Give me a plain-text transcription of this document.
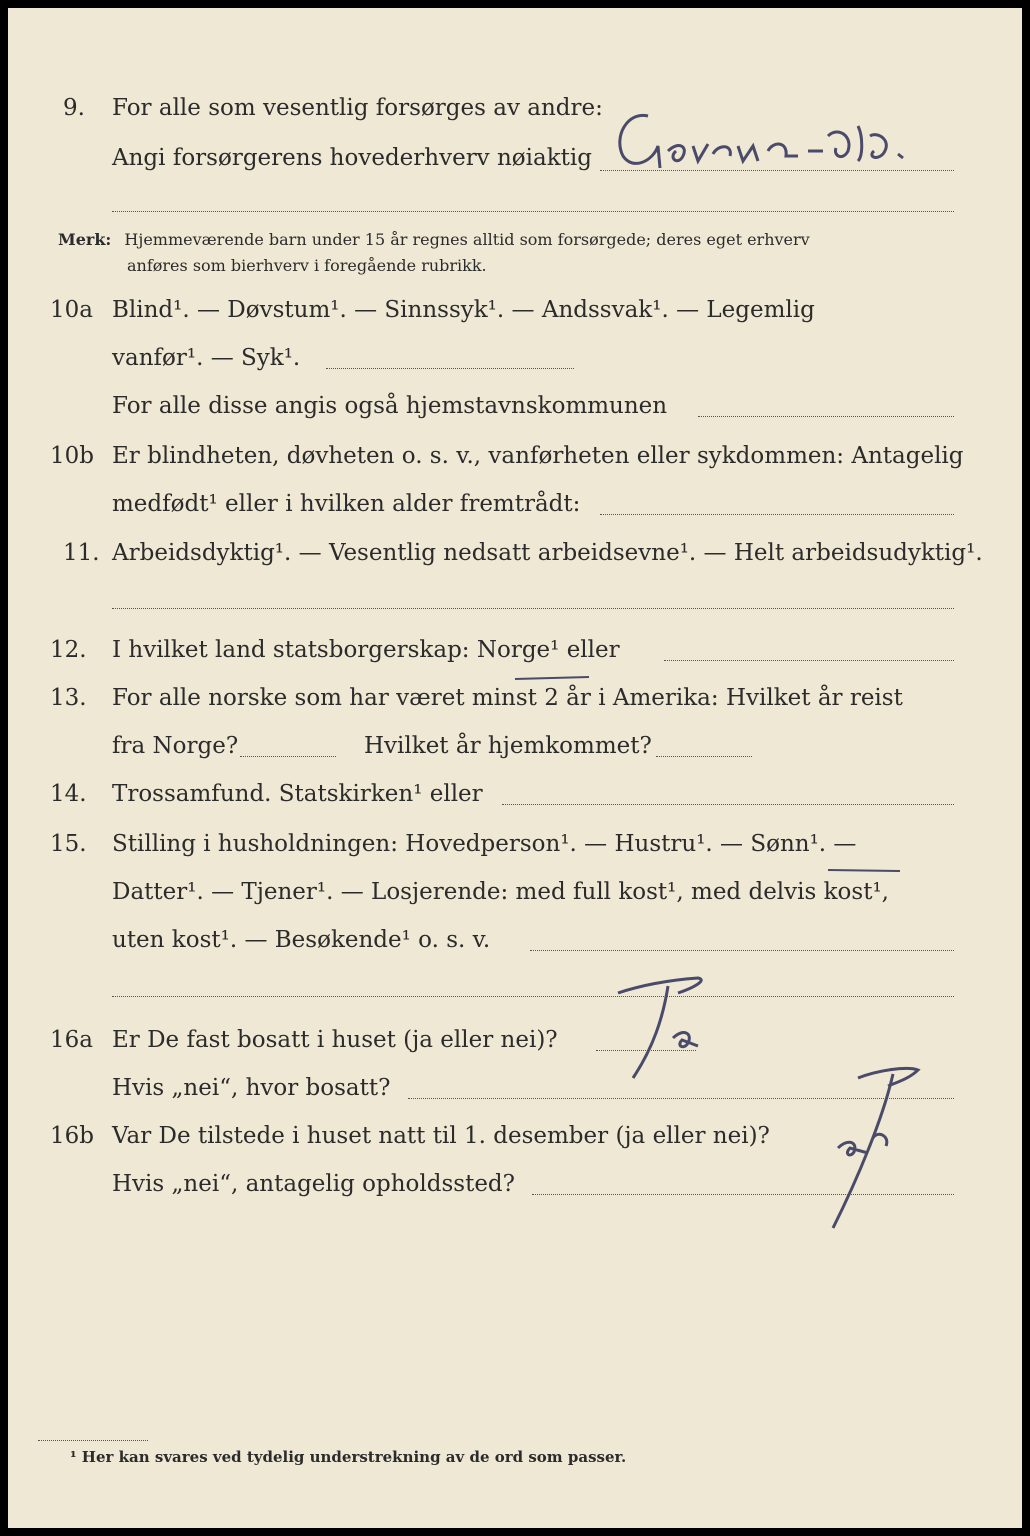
9. For alle som vesentlig forsørges av andre:
Angi forsørgerens hovederhverv nøiaktig
Merk: Hjemmeværende barn under 15 år regnes alltid som forsørgede; deres eget erhverv
anføres som bierhverv i foregående rubrikk.
10a Blind¹. — Døvstum¹. — Sinnssyk¹. — Andssvak¹. — Legemlig
vanfør¹. — Syk¹.
For alle disse angis også hjemstavnskommunen
10b Er blindheten, døvheten o. s. v., vanførheten eller sykdommen: Antagelig
medfødt¹ eller i hvilken alder fremtrådt:
11. Arbeidsdyktig¹. — Vesentlig nedsatt arbeidsevne¹. — Helt arbeidsudyktig¹.
12. I hvilket land statsborgerskap: Norge¹ eller
13. For alle norske som har været minst 2 år i Amerika: Hvilket år reist
fra Norge?	Hvilket år hjemkommet?
14. Trossamfund. Statskirken¹ eller
15. Stilling i husholdningen: Hovedperson¹. — Hustru¹. — Sønn¹. —
Datter¹. — Tjener¹. — Losjerende: med full kost¹, med delvis kost¹,
uten kost¹. — Besøkende¹ o. s. v.
16a Er De fast bosatt i huset (ja eller nei)?
Hvis „nei“, hvor bosatt?
16b Var De tilstede i huset natt til 1. desember (ja eller nei)?
Hvis „nei“, antagelig opholdssted?
¹ Her kan svares ved tydelig understrekning av de ord som passer.
